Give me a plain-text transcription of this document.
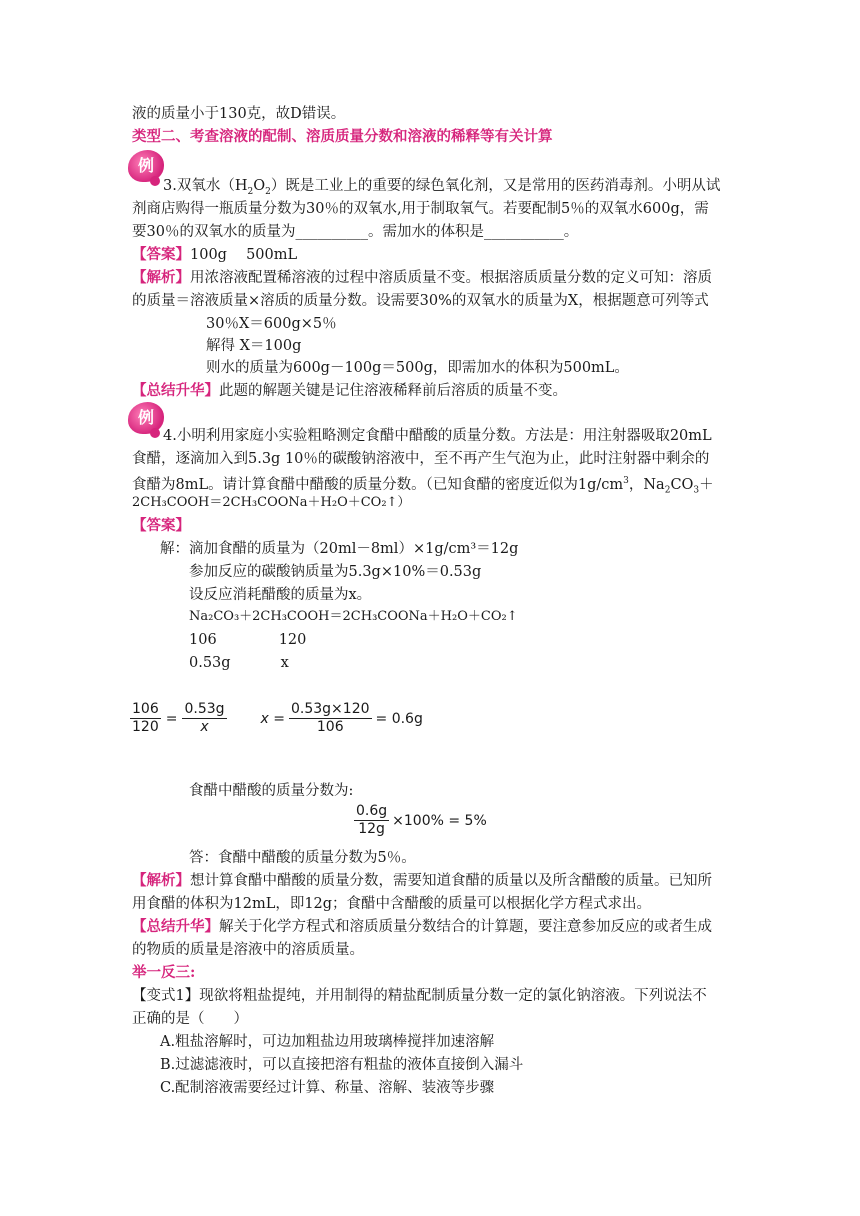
液的质量小于130克，故D错误。
类型二、考查溶液的配制、溶质质量分数和溶液的稀释等有关计算
例
3.双氧水$(H_2O_2)$既是工业上的重要的绿色氧化剂，又是常用的医药消毒剂。小明从试
剂商店购得一瓶质量分数为30％的双氧水,用于制取氧气。若要配制5％的双氧水600g，需
要30％的双氧水的质量为__________。需加水的体积是___________。
【答案】100g　 500mL
【解析】用浓溶液配置稀溶液的过程中溶质质量不变。根据溶质质量分数的定义可知：溶质
的质量＝溶液质量×溶质的质量分数。设需要30%的双氧水的质量为X，根据题意可列等式
30％X＝600g×5％
解得 X＝100g
则水的质量为600g－100g＝500g，即需加水的体积为500mL。
【总结升华】此题的解题关键是记住溶液稀释前后溶质的质量不变。
例
4.小明利用家庭小实验粗略测定食醋中醋酸的质量分数。方法是：用注射器吸取20mL
食醋，逐滴加入到5.3g 10％的碳酸钠溶液中，至不再产生气泡为止，此时注射器中剩余的
食醋为8mL。请计算食醋中醋酸的质量分数。（已知食醋的密度近似为$1g/cm^3$，$Na_2CO_3+$
2CH₃COOH＝2CH₃COONa＋H₂O＋CO₂↑）
【答案】
解：滴加食醋的质量为（20ml－8ml）×1g/cm³＝12g
参加反应的碳酸钠质量为5.3g×10%＝0.53g
设反应消耗醋酸的质量为x。
Na₂CO₃＋2CH₃COOH＝2CH₃COONa＋H₂O＋CO₂↑
106	120
0.53g	x
$\frac{106}{120} = \frac{0.53g}{x}$ $x = \frac{0.53g\times 120}{106} = 0.6g$
食醋中醋酸的质量分数为:
$\frac{0.6g}{12g} \times 100\% = 5\%$
答：食醋中醋酸的质量分数为5％。
【解析】想计算食醋中醋酸的质量分数，需要知道食醋的质量以及所含醋酸的质量。已知所
用食醋的体积为12mL，即12g；食醋中含醋酸的质量可以根据化学方程式求出。
【总结升华】解关于化学方程式和溶质质量分数结合的计算题，要注意参加反应的或者生成
的物质的质量是溶液中的溶质质量。
举一反三:
【变式1】现欲将粗盐提纯，并用制得的精盐配制质量分数一定的氯化钠溶液。下列说法不
正确的是（　　）
A.粗盐溶解时，可边加粗盐边用玻璃棒搅拌加速溶解
B.过滤滤液时，可以直接把溶有粗盐的液体直接倒入漏斗
C.配制溶液需要经过计算、称量、溶解、装液等步骤
